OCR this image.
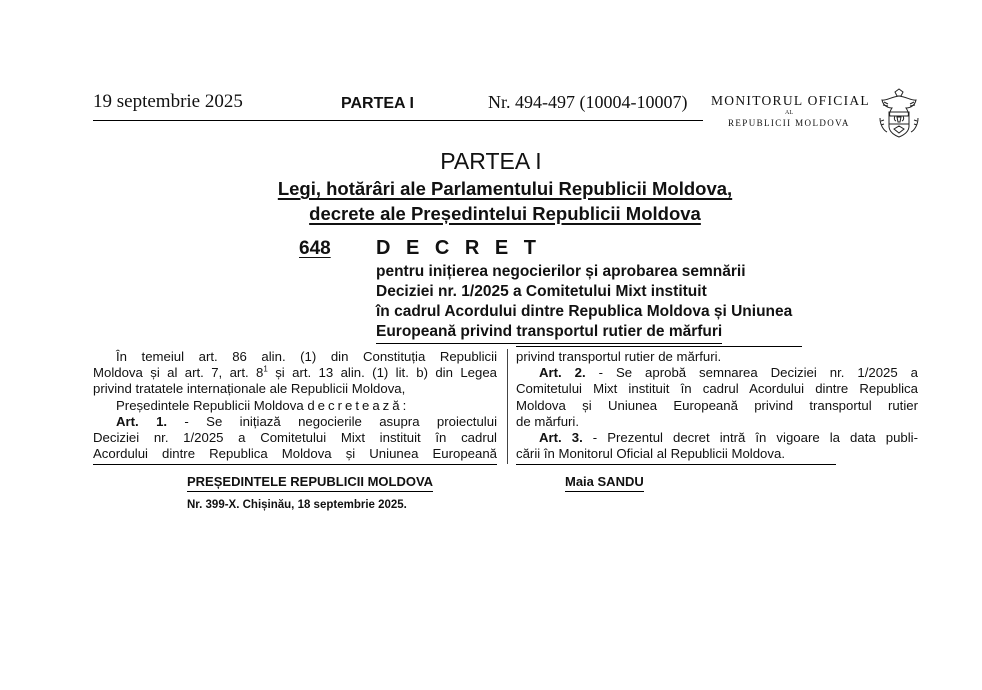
19 septembrie 2025	PARTEA I	Nr. 494-497 (10004-10007) MONITORUL OFICIAL
AL
REPUBLICII MOLDOVA
PARTEA I
Legi, hotărâri ale Parlamentului Republicii Moldova,
decrete ale Președintelui Republicii Moldova
648 D E C R E T
pentru inițierea negocierilor și aprobarea semnării
Deciziei nr. 1/2025 a Comitetului Mixt instituit
în cadrul Acordului dintre Republica Moldova și Uniunea
Europeană privind transportul rutier de mărfuri
În temeiul art. 86 alin. (1) din Constituția Republicii
Moldova și al art. 7, art. $8^1$ și art. 13 alin. (1) lit. b) din Legea
privind tratatele internaționale ale Republicii Moldova,
Președintele Republicii Moldova decretează:
Art. 1. - Se inițiază negocierile asupra proiectului
Deciziei nr. 1/2025 a Comitetului Mixt instituit în cadrul
Acordului dintre Republica Moldova și Uniunea Europeană
privind transportul rutier de mărfuri.
Art. 2. - Se aprobă semnarea Deciziei nr. 1/2025 a
Comitetului Mixt instituit în cadrul Acordului dintre Republica
Moldova și Uniunea Europeană privind transportul rutier
de mărfuri.
Art. 3. - Prezentul decret intră în vigoare la data publi-
cării în Monitorul Oficial al Republicii Moldova.
PREȘEDINTELE REPUBLICII MOLDOVA	Maia SANDU
Nr. 399-X. Chișinău, 18 septembrie 2025.
